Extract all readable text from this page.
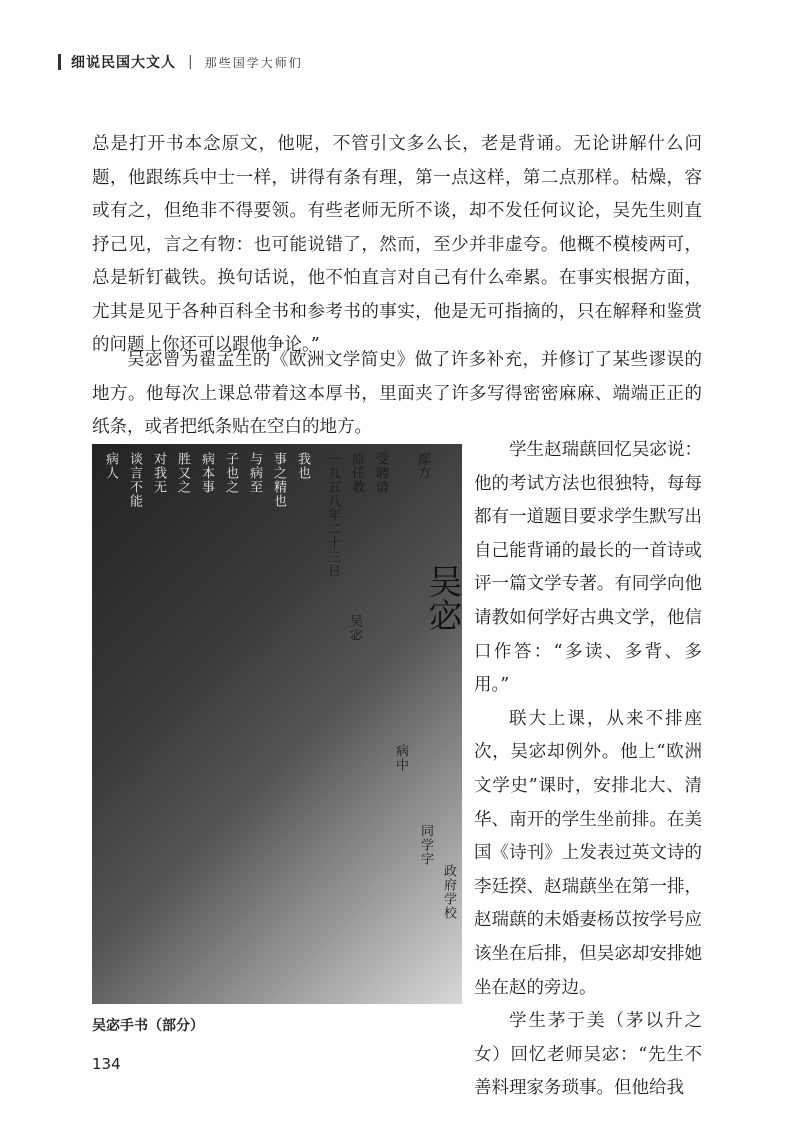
细说民国大文人 | 那些国学大师们
总是打开书本念原文，他呢，不管引文多么长，老是背诵。无论讲解什么问题，他跟练兵中士一样，讲得有条有理，第一点这样，第二点那样。枯燥，容或有之，但绝非不得要领。有些老师无所不谈，却不发任何议论，吴先生则直抒己见，言之有物：也可能说错了，然而，至少并非虚夸。他概不模棱两可，总是斩钉截铁。换句话说，他不怕直言对自己有什么牵累。在事实根据方面，尤其是见于各种百科全书和参考书的事实，他是无可指摘的，只在解释和鉴赏的问题上你还可以跟他争论。”
吴宓曾为翟孟生的《欧洲文学简史》做了许多补充，并修订了某些谬误的地方。他每次上课总带着这本厚书，里面夹了许多写得密密麻麻、端端正正的纸条，或者把纸条贴在空白的地方。
病人 谈言不能 对我无 胜又之 病本事 子也之 与病至 事之精也 我也 一九五八年二十三日 原任教 受聘请 鄢方
病中
同学字
政府学校
吴宓 吴宓
吴宓手书（部分）

学生赵瑞蕻回忆吴宓说：他的考试方法也很独特，每每都有一道题目要求学生默写出自己能背诵的最长的一首诗或评一篇文学专著。有同学向他请教如何学好古典文学，他信口作答：“多读、多背、多用。”

联大上课，从来不排座次，吴宓却例外。他上“欧洲文学史”课时，安排北大、清华、南开的学生坐前排。在美国《诗刊》上发表过英文诗的李廷揆、赵瑞蕻坐在第一排，赵瑞蕻的未婚妻杨苡按学号应该坐在后排，但吴宓却安排她坐在赵的旁边。

学生茅于美（茅以升之女）回忆老师吴宓：“先生不善料理家务琐事。但他给我

134
